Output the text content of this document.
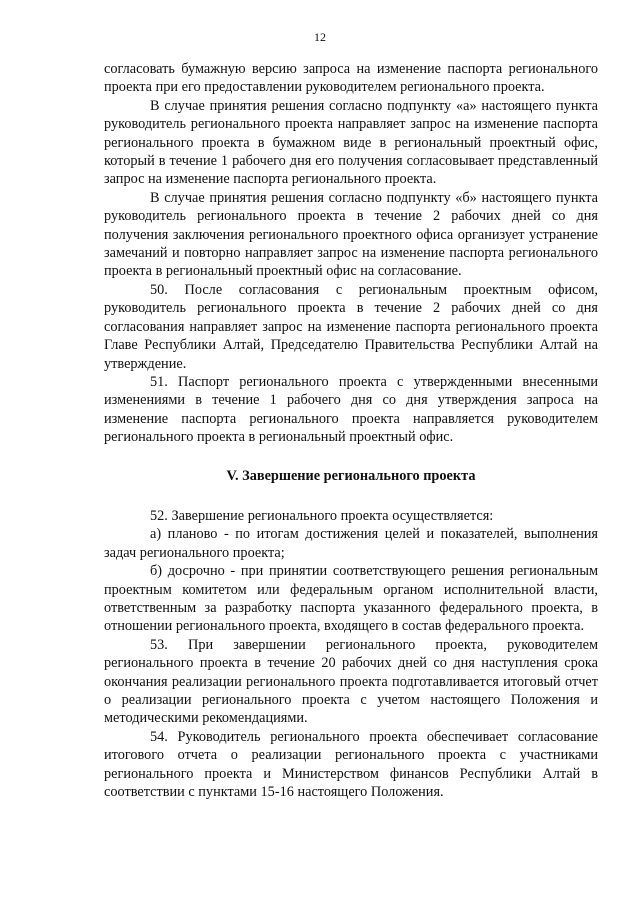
12

согласовать бумажную версию запроса на изменение паспорта регионального проекта при его предоставлении руководителем регионального проекта.

В случае принятия решения согласно подпункту «а» настоящего пункта руководитель регионального проекта направляет запрос на изменение паспорта регионального проекта в бумажном виде в региональный проектный офис, который в течение 1 рабочего дня его получения согласовывает представленный запрос на изменение паспорта регионального проекта.

В случае принятия решения согласно подпункту «б» настоящего пункта руководитель регионального проекта в течение 2 рабочих дней со дня получения заключения регионального проектного офиса организует устранение замечаний и повторно направляет запрос на изменение паспорта регионального проекта в региональный проектный офис на согласование.

50. После согласования с региональным проектным офисом, руководитель регионального проекта в течение 2 рабочих дней со дня согласования направляет запрос на изменение паспорта регионального проекта Главе Республики Алтай, Председателю Правительства Республики Алтай на утверждение.

51. Паспорт регионального проекта с утвержденными внесенными изменениями в течение 1 рабочего дня со дня утверждения запроса на изменение паспорта регионального проекта направляется руководителем регионального проекта в региональный проектный офис.

V. Завершение регионального проекта

52. Завершение регионального проекта осуществляется:

а) планово - по итогам достижения целей и показателей, выполнения задач регионального проекта;

б) досрочно - при принятии соответствующего решения региональным проектным комитетом или федеральным органом исполнительной власти, ответственным за разработку паспорта указанного федерального проекта, в отношении регионального проекта, входящего в состав федерального проекта.

53. При завершении регионального проекта, руководителем регионального проекта в течение 20 рабочих дней со дня наступления срока окончания реализации регионального проекта подготавливается итоговый отчет о реализации регионального проекта с учетом настоящего Положения и методическими рекомендациями.

54. Руководитель регионального проекта обеспечивает согласование итогового отчета о реализации регионального проекта с участниками регионального проекта и Министерством финансов Республики Алтай в соответствии с пунктами 15-16 настоящего Положения.
